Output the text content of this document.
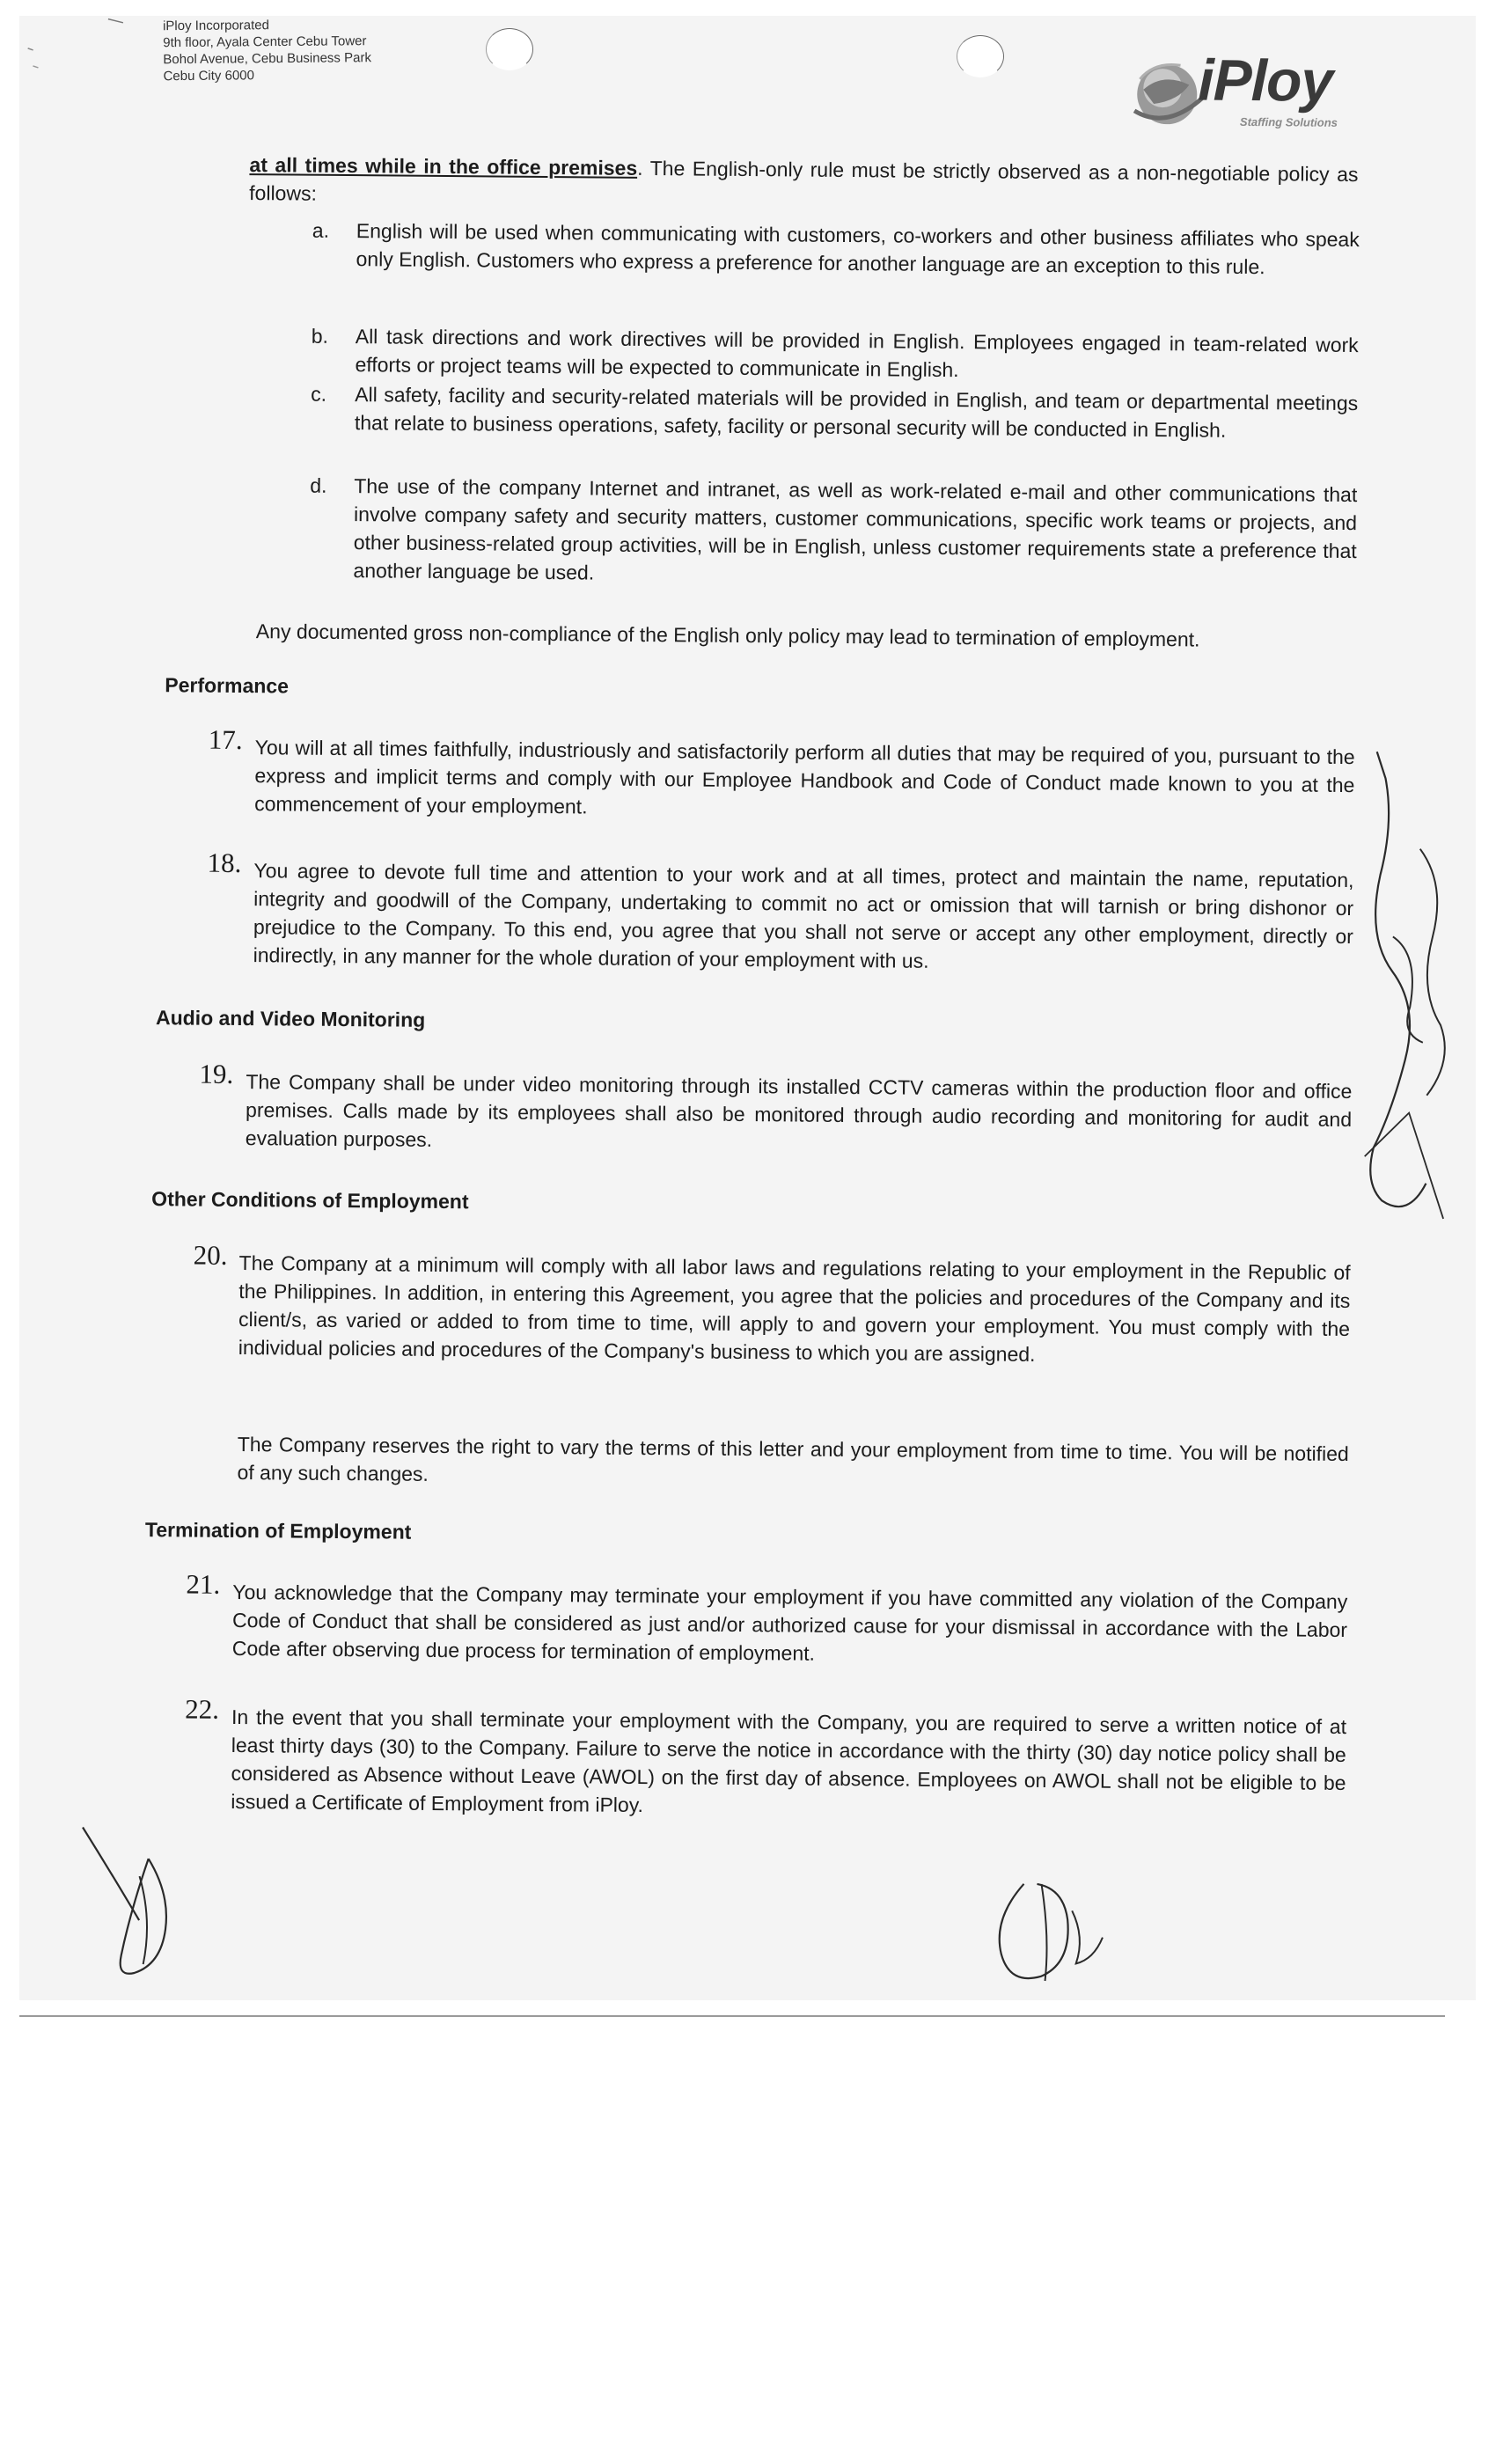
iPloy Incorporated
9th floor, Ayala Center Cebu Tower
Bohol Avenue, Cebu Business Park
Cebu City 6000	iPloy
Staffing Solutions
at all times while in the office premises. The English-only rule must be strictly observed as a non-negotiable policy as follows:
a.	English will be used when communicating with customers, co-workers and other business affiliates who speak only English. Customers who express a preference for another language are an exception to this rule.
b.	All task directions and work directives will be provided in English. Employees engaged in team-related work efforts or project teams will be expected to communicate in English.
c.	All safety, facility and security-related materials will be provided in English, and team or departmental meetings that relate to business operations, safety, facility or personal security will be conducted in English.
d.	The use of the company Internet and intranet, as well as work-related e-mail and other communications that involve company safety and security matters, customer communications, specific work teams or projects, and other business-related group activities, will be in English, unless customer requirements state a preference that another language be used.
Any documented gross non-compliance of the English only policy may lead to termination of employment.
Performance
17. You will at all times faithfully, industriously and satisfactorily perform all duties that may be required of you, pursuant to the express and implicit terms and comply with our Employee Handbook and Code of Conduct made known to you at the commencement of your employment.
18. You agree to devote full time and attention to your work and at all times, protect and maintain the name, reputation, integrity and goodwill of the Company, undertaking to commit no act or omission that will tarnish or bring dishonor or prejudice to the Company. To this end, you agree that you shall not serve or accept any other employment, directly or indirectly, in any manner for the whole duration of your employment with us.
Audio and Video Monitoring
19. The Company shall be under video monitoring through its installed CCTV cameras within the production floor and office premises. Calls made by its employees shall also be monitored through audio recording and monitoring for audit and evaluation purposes.
Other Conditions of Employment
20. The Company at a minimum will comply with all labor laws and regulations relating to your employment in the Republic of the Philippines. In addition, in entering this Agreement, you agree that the policies and procedures of the Company and its client/s, as varied or added to from time to time, will apply to and govern your employment. You must comply with the individual policies and procedures of the Company's business to which you are assigned.
The Company reserves the right to vary the terms of this letter and your employment from time to time. You will be notified of any such changes.
Termination of Employment
21. You acknowledge that the Company may terminate your employment if you have committed any violation of the Company Code of Conduct that shall be considered as just and/or authorized cause for your dismissal in accordance with the Labor Code after observing due process for termination of employment.
22. In the event that you shall terminate your employment with the Company, you are required to serve a written notice of at least thirty days (30) to the Company. Failure to serve the notice in accordance with the thirty (30) day notice policy shall be considered as Absence without Leave (AWOL) on the first day of absence. Employees on AWOL shall not be eligible to be issued a Certificate of Employment from iPloy.
